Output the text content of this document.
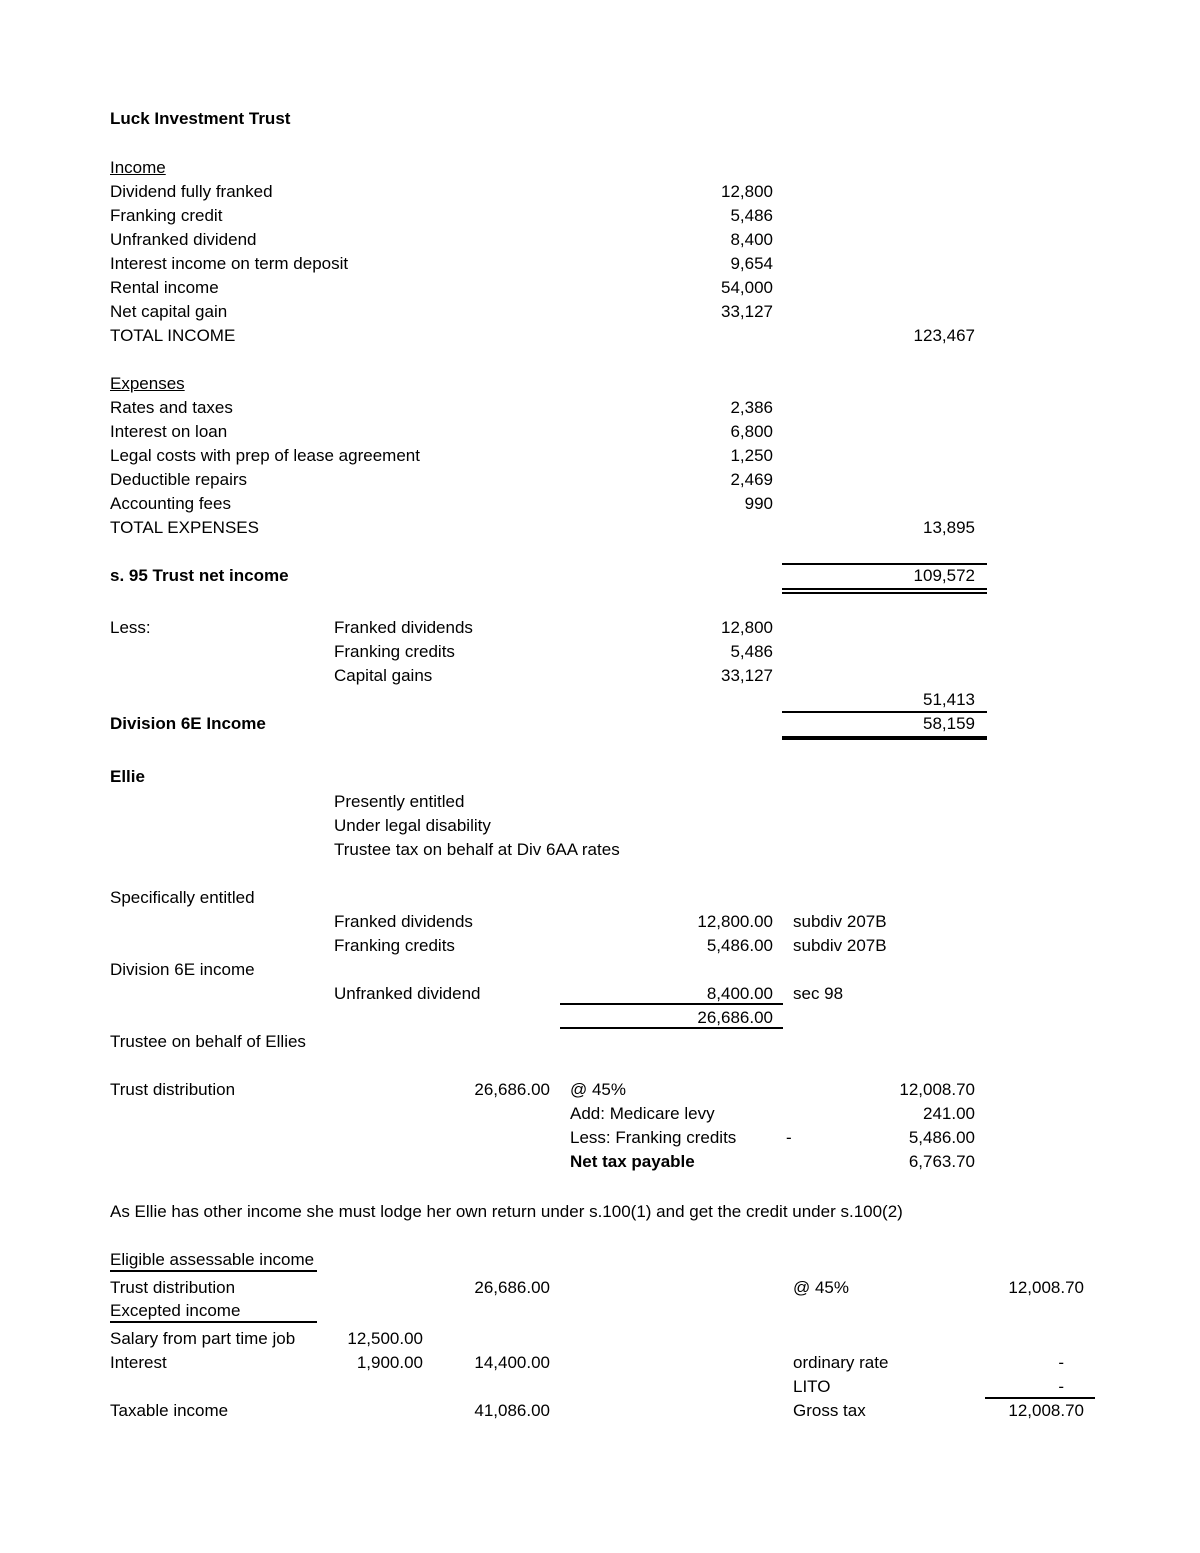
Luck Investment Trust
Income
Dividend fully franked	12,800
Franking credit	5,486
Unfranked dividend	8,400
Interest income on term deposit	9,654
Rental income	54,000
Net capital gain	33,127
TOTAL INCOME	123,467
Expenses
Rates and taxes	2,386
Interest on loan	6,800
Legal costs with prep of lease agreement	1,250
Deductible repairs	2,469
Accounting fees	990
TOTAL EXPENSES	13,895
s. 95 Trust net income	109,572
Less:	Franked dividends	12,800
Franking credits	5,486
Capital gains	33,127
51,413
Division 6E Income	58,159
Ellie
Presently entitled
Under legal disability
Trustee tax on behalf at Div 6AA rates
Specifically entitled
Franked dividends	12,800.00 subdiv 207B
Franking credits	5,486.00 subdiv 207B
Division 6E income
Unfranked dividend	8,400.00 sec 98
26,686.00
Trustee on behalf of Ellies
Trust distribution	26,686.00 @ 45%	12,008.70
Add: Medicare levy	241.00
Less: Franking credits	-	5,486.00
Net tax payable	6,763.70
As Ellie has other income she must lodge her own return under s.100(1) and get the credit under s.100(2)
Eligible assessable income
Trust distribution	26,686.00	@ 45%	12,008.70
Excepted income
Salary from part time job	12,500.00
Interest	1,900.00	14,400.00	ordinary rate	-
LITO	-
Taxable income	41,086.00	Gross tax	12,008.70
